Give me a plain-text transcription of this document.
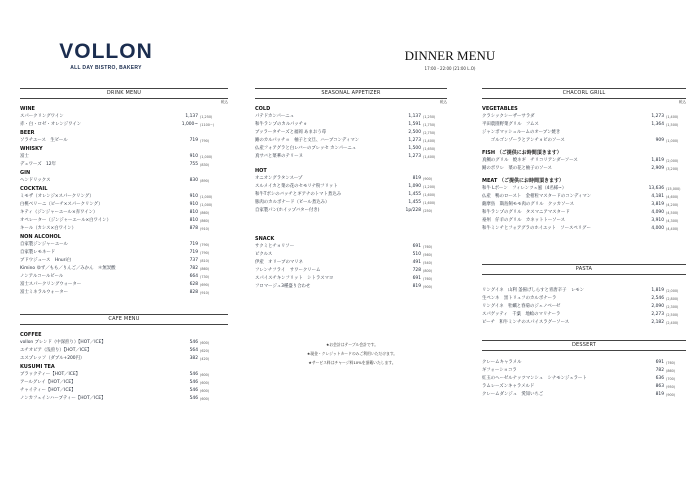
VOLLON
ALL DAY BISTRO, BAKERY
DINNER MENU
17:00 - 22:00 (21:00 L.O)
DRINK MENU
税込
WINE
スパークリングワイン	1,137 (1,250)
赤・白・ロゼ・オレンジワイン	1,000~ (1100~)
BEER
ソラチエース　生ビール	719 (790)
WHISKY
富士	910 (1,000)
デュワーズ　12年	755 (830)
GIN
ヘンドリックス	830 (890)
COCKTAIL
ミモザ（オレンジ×スパークリング）	910 (1,000)
白桃ベリーニ（ピーチ×スパークリング）	910 (1,000)
キティ（ジンジャーエール×赤ワイン）	810 (860)
オペレーター（ジンジャーエール×白ワイン）	810 (860)
キール（カシス×白ワイン）	878 (910)
NON ALCOHOL
自家製ジンジャーエール	719 (790)
自家製レモネード	719 (790)
ブドウジュース　Hnuri白	737 (810)
Kimino ゆず／もも／りんご／みかん　＊無炭酸	782 (860)
ノンアルコールビール	664 (730)
富士スパークリングウォーター	628 (690)
富士ミネラルウォーター	828 (910)
CAFE MENU
COFFEE
vollon ブレンド（中深煎り）【HOT／ICE】	546 (600)
エチオピア（浅煎り）【HOT／ICE】	564 (620)
エスプレッソ（ダブル+200円）	382 (420)
KUSUMI TEA
ブラックティー【HOT／ICE】	546 (600)
アールグレイ【HOT／ICE】	546 (600)
チャイティー【HOT／ICE】	546 (600)
ノンカフェインハーブティー【HOT／ICE】	546 (600)
SEASONAL APPETIZER
税込
COLD
パテドカンパーニュ	1,137 (1,250)
和牛ランプのカルパッチョ	1,591 (1,750)
ブッラータチーズと福岡 あまおう苺	2,500 (2,750)
鰆のカルパッチョ　柚子と文旦、ハーブコンディマン	1,273 (1,400)
仏産フォアグラと白レバーのブレッセ カンパーニュ	1,500 (1,650)
真サバと菜華のテリーヌ	1,273 (1,400)
HOT
オニオングラタンスープ	819 (900)
スルメイカと菜の花のセモリナ粉フリット	1,090 (1,200)
和牛Tボシのバッチとギアナのトマト煮込み	1,455 (1,600)
豚肉のカルボナード（ビール煮込み）	1,455 (1,600)
自家製パン(ホイップバター付き)	1p/228 (250)
SNACK
サクミとチョリソー	691 (760)
ピクルス	510 (560)
伊産　オリーブのマリネ	491 (540)
フレンチフライ　サワークリーム	728 (800)
スパイスチキンフリット　シトラスマヨ	691 (760)
フロマージュ3種盛り合わせ	819 (900)
★お会計はテーブル会計です。
★現金・クレジットカードのみご利用いただけます。
★サービス料はチャージ料10%を頂戴いたします。
CHACORL GRILL
税込
VEGETABLES
クラシックシーザーサラダ	1,273 (1,400)
平田農園野菜グリル　フムス	1,364 (1,500)
ジャンボマッシュルームのオーブン焼き
　　ゴルゴンゾーラとアンチョビのソース	909 (1,000)
FISH （ご提供にお時間頂きます）
真鯛のグリル　焼ネギ　チリコリアンダーソース	1,819 (2,000)
鯖のポワレ　菜の花と柚子のソース	2,909 (3,200)
MEAT （ご提供にお時間頂きます）
和牛 Lボーン　フィレンツェ風（4名様~）	13,636 (15,000)
仏産　鴨のロースト　金柑粒マスタードのコンディマン	4,181 (4,600)
薩摩鳥　鶏島飼モモ肉のグリル　クッカソース	3,819 (4,200)
和牛ランプのグリル　タスマニアマスタード	4,090 (4,500)
豪州　仔羊のグリル　カネットトーソース	3,910 (4,300)
和牛ミンチとフォアグラのホイエット　ソースペリグー	4,000 (4,400)
PASTA
リングイネ　山利 釜揚げしらすと青唐辛子　レモン	1,819 (2,000)
生ペンネ　黒トリュフのカルボナーラ	2,546 (2,800)
リングイネ　牡蠣と春菊のジェノベーゼ	2,090 (2,300)
スパゲッティ　千葉　地蛤のマリナーラ	2,273 (2,500)
ピーチ　和牛ミンチのスパイスラグーソース	2,182 (2,400)
DESSERT
クレームキャラメル	691 (760)
ギフォーショコラ	782 (860)
紅玉のヘーゼルナッツマンシュ　シナモンジェラート	636 (700)
ラムレーズンキャラメルド	863 (950)
クレームダンジュ　愛知いちご	819 (900)
